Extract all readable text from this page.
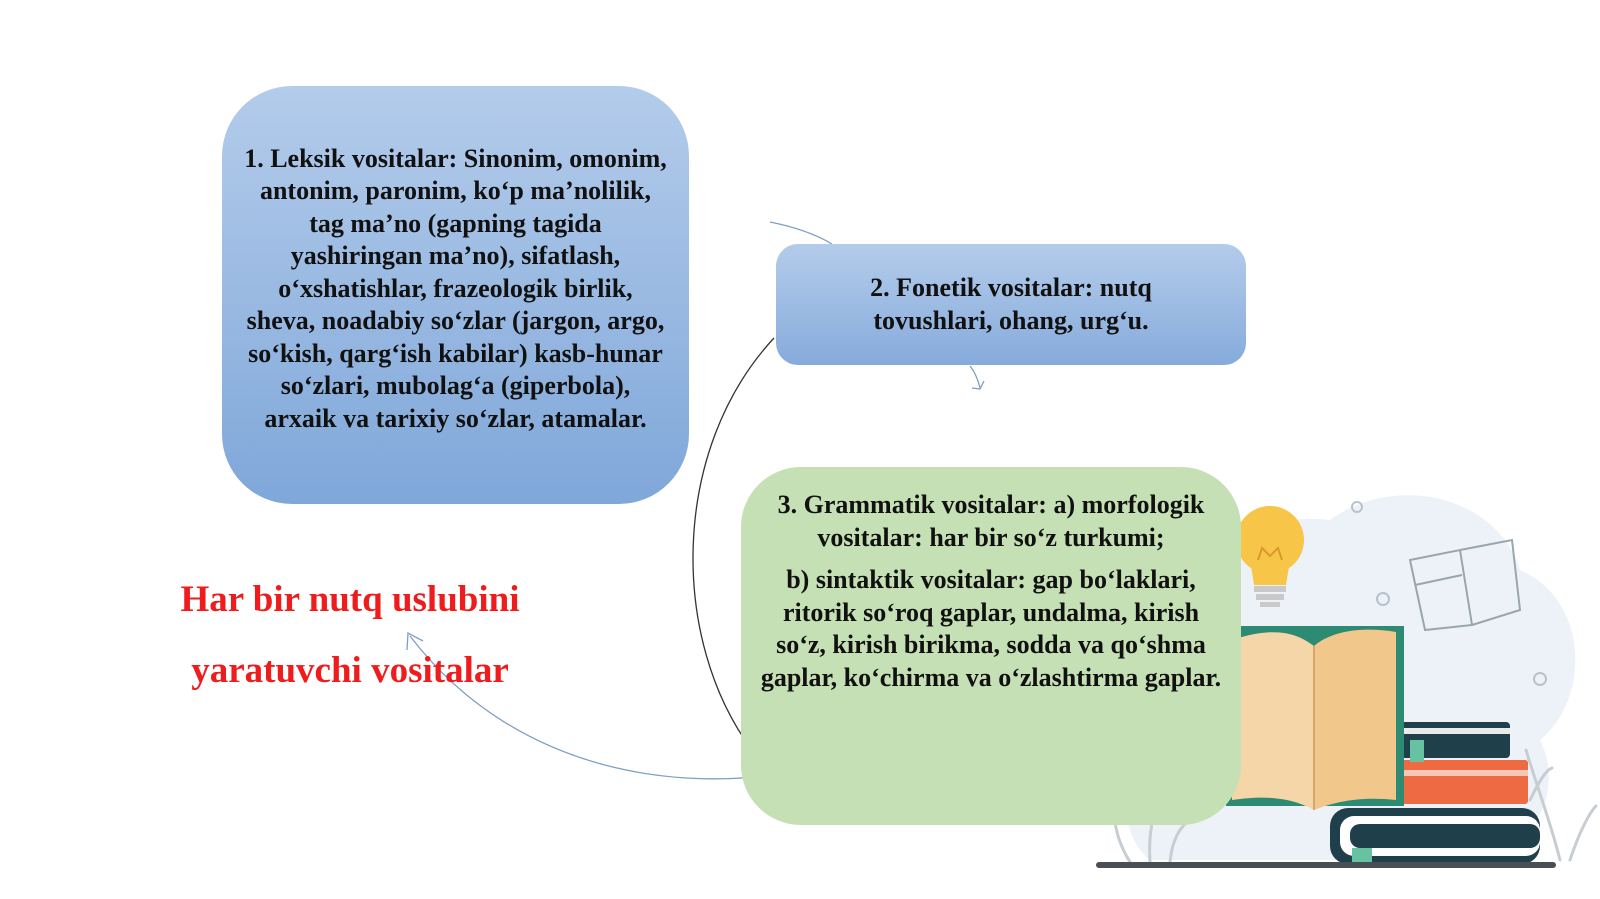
1. Leksik vositalar: Sinonim, omonim, antonim, paronim, ko‘p ma’nolilik, tag ma’no (gapning tagida yashiringan ma’no), sifatlash, o‘xshatishlar, frazeologik birlik, sheva, noadabiy so‘zlar (jargon, argo, so‘kish, qarg‘ish kabilar) kasb-hunar so‘zlari, mubolag‘a (giperbola), arxaik va tarixiy so‘zlar, atamalar.

2. Fonetik vositalar: nutq tovushlari, ohang, urg‘u.

3. Grammatik vositalar: a) morfologik vositalar: har bir so‘z turkumi;

b) sintaktik vositalar: gap bo‘laklari, ritorik so‘roq gaplar, undalma, kirish so‘z, kirish birikma, sodda va qo‘shma gaplar, ko‘chirma va o‘zlashtirma gaplar.

Har bir nutq uslubini
yaratuvchi vositalar
